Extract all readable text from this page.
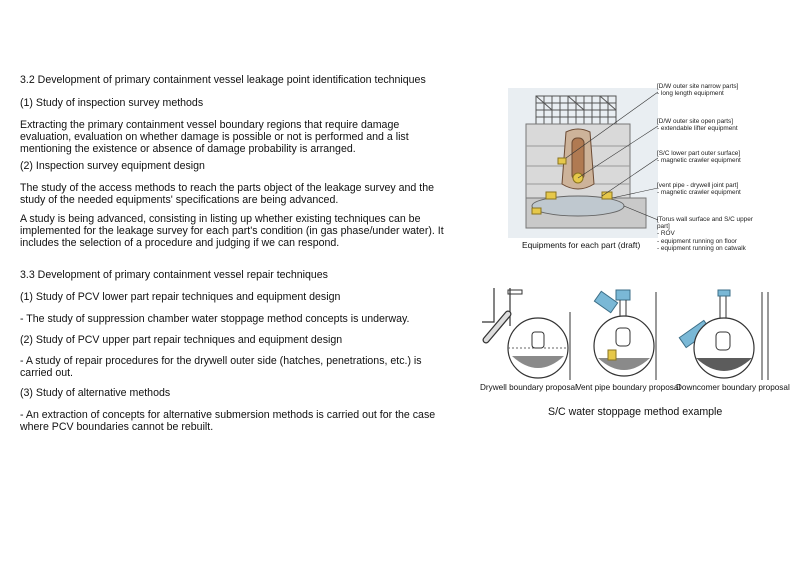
3.2 Development of primary containment vessel leakage point identification techniques
(1) Study of inspection survey methods
Extracting the primary containment vessel boundary regions that require damage evaluation, evaluation on whether damage is possible or not is performed and a list mentioning the existence or absence of damage probability is arranged.
(2) Inspection survey equipment design
The study of the access methods to reach the parts object of the leakage survey and the study of the needed equipments' specifications are being advanced.
A study is being advanced, consisting in listing up whether existing techniques can be implemented for the leakage survey for each part's condition (in gas phase/under water). It includes the selection of a procedure and judging if we can respond.
3.3 Development of primary containment vessel repair techniques
(1) Study of PCV lower part repair techniques and equipment design
- The study of suppression chamber water stoppage method concepts is underway.
(2) Study of PCV upper part repair techniques and equipment design
- A study of repair procedures for the drywell outer side (hatches, penetrations, etc.) is carried out.
(3) Study of alternative methods
- An extraction of concepts for alternative submersion methods is carried out for the case where PCV boundaries cannot be rebuilt.
[D/W outer site narrow parts]
- long length equipment
[D/W outer site open parts]
- extendable lifter equipment
[S/C lower part outer surface]
- magnetic crawler equipment
[vent pipe - drywell joint part]
- magnetic crawler equipment
[Torus wall surface and S/C upper part]
- ROV
- equipment running on floor
- equipment running on catwalk
Equipments for each part (draft)
Drywell boundary proposal Vent pipe boundary proposal
Downcomer boundary proposal
S/C water stoppage method example
